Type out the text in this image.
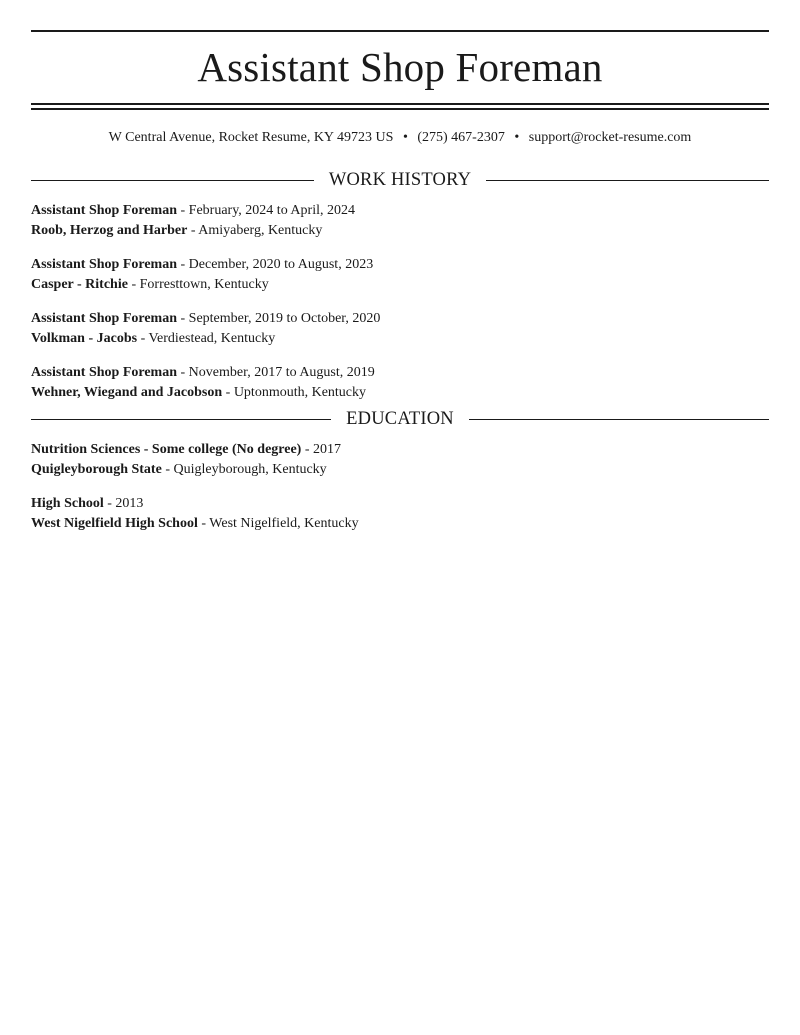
Assistant Shop Foreman
W Central Avenue, Rocket Resume, KY 49723 US • (275) 467-2307 • support@rocket-resume.com
WORK HISTORY
Assistant Shop Foreman - February, 2024 to April, 2024
Roob, Herzog and Harber - Amiyaberg, Kentucky
Assistant Shop Foreman - December, 2020 to August, 2023
Casper - Ritchie - Forresttown, Kentucky
Assistant Shop Foreman - September, 2019 to October, 2020
Volkman - Jacobs - Verdiestead, Kentucky
Assistant Shop Foreman - November, 2017 to August, 2019
Wehner, Wiegand and Jacobson - Uptonmouth, Kentucky
EDUCATION
Nutrition Sciences - Some college (No degree) - 2017
Quigleyborough State - Quigleyborough, Kentucky
High School - 2013
West Nigelfield High School - West Nigelfield, Kentucky
